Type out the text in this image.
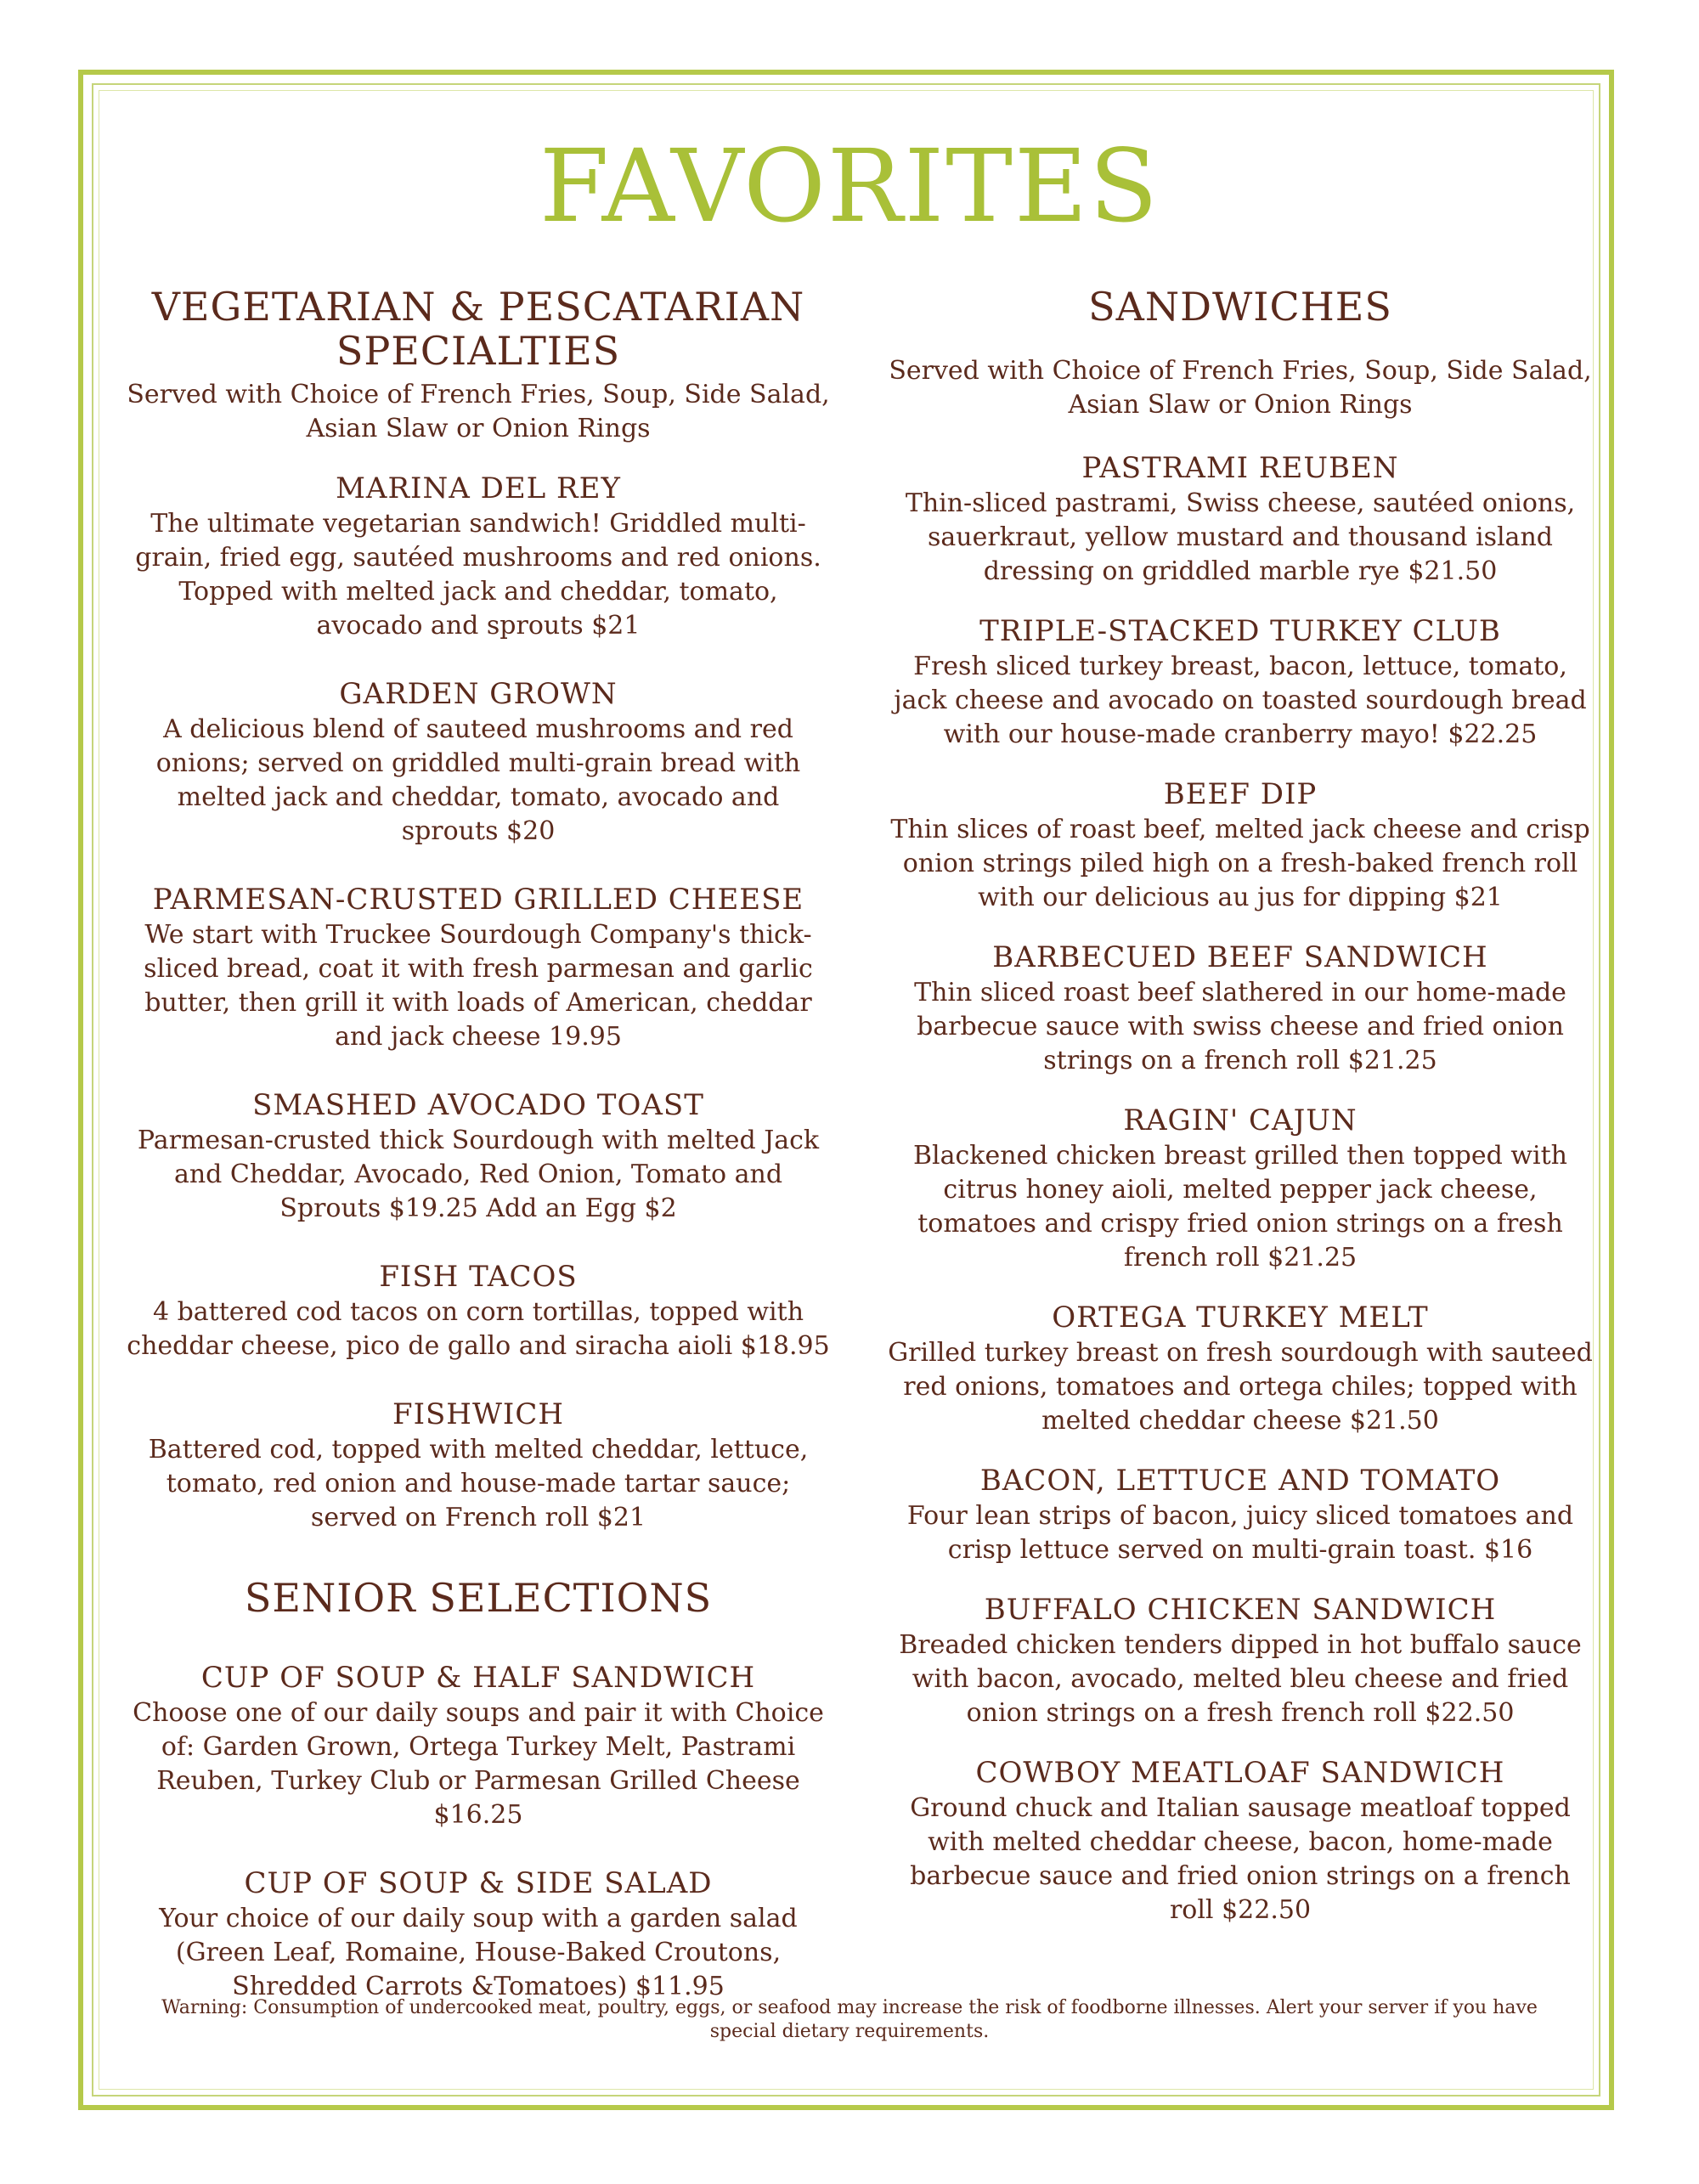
FAVORITES
VEGETARIAN & PESCATARIAN
SPECIALTIES

Served with Choice of French Fries, Soup, Side Salad, Asian Slaw or Onion Rings

MARINA DEL REY

The ultimate vegetarian sandwich! Griddled multi-grain, fried egg, sautéed mushrooms and red onions. Topped with melted jack and cheddar, tomato, avocado and sprouts $21

GARDEN GROWN

A delicious blend of sauteed mushrooms and red onions; served on griddled multi-grain bread with melted jack and cheddar, tomato, avocado and sprouts $20

PARMESAN-CRUSTED GRILLED CHEESE

We start with Truckee Sourdough Company's thick-sliced bread, coat it with fresh parmesan and garlic butter, then grill it with loads of American, cheddar and jack cheese 19.95

SMASHED AVOCADO TOAST

Parmesan-crusted thick Sourdough with melted Jack and Cheddar, Avocado, Red Onion, Tomato and Sprouts $19.25 Add an Egg $2

FISH TACOS

4 battered cod tacos on corn tortillas, topped with cheddar cheese, pico de gallo and siracha aioli $18.95

FISHWICH

Battered cod, topped with melted cheddar, lettuce, tomato, red onion and house-made tartar sauce; served on French roll $21

SENIOR SELECTIONS

CUP OF SOUP & HALF SANDWICH

Choose one of our daily soups and pair it with Choice of: Garden Grown, Ortega Turkey Melt, Pastrami Reuben, Turkey Club or Parmesan Grilled Cheese $16.25

CUP OF SOUP & SIDE SALAD

Your choice of our daily soup with a garden salad (Green Leaf, Romaine, House-Baked Croutons, Shredded Carrots &Tomatoes) $11.95

SANDWICHES

Served with Choice of French Fries, Soup, Side Salad, Asian Slaw or Onion Rings

PASTRAMI REUBEN

Thin-sliced pastrami, Swiss cheese, sautéed onions, sauerkraut, yellow mustard and thousand island dressing on griddled marble rye $21.50

TRIPLE-STACKED TURKEY CLUB

Fresh sliced turkey breast, bacon, lettuce, tomato, jack cheese and avocado on toasted sourdough bread with our house-made cranberry mayo! $22.25

BEEF DIP

Thin slices of roast beef, melted jack cheese and crisp onion strings piled high on a fresh-baked french roll with our delicious au jus for dipping $21

BARBECUED BEEF SANDWICH

Thin sliced roast beef slathered in our home-made barbecue sauce with swiss cheese and fried onion strings on a french roll $21.25

RAGIN' CAJUN

Blackened chicken breast grilled then topped with citrus honey aioli, melted pepper jack cheese, tomatoes and crispy fried onion strings on a fresh french roll $21.25

ORTEGA TURKEY MELT

Grilled turkey breast on fresh sourdough with sauteed red onions, tomatoes and ortega chiles; topped with melted cheddar cheese $21.50

BACON, LETTUCE AND TOMATO

Four lean strips of bacon, juicy sliced tomatoes and crisp lettuce served on multi-grain toast. $16

BUFFALO CHICKEN SANDWICH

Breaded chicken tenders dipped in hot buffalo sauce with bacon, avocado, melted bleu cheese and fried onion strings on a fresh french roll $22.50

COWBOY MEATLOAF SANDWICH

Ground chuck and Italian sausage meatloaf topped with melted cheddar cheese, bacon, home-made barbecue sauce and fried onion strings on a french roll $22.50

Warning: Consumption of undercooked meat, poultry, eggs, or seafood may increase the risk of foodborne illnesses. Alert your server if you have special dietary requirements.
